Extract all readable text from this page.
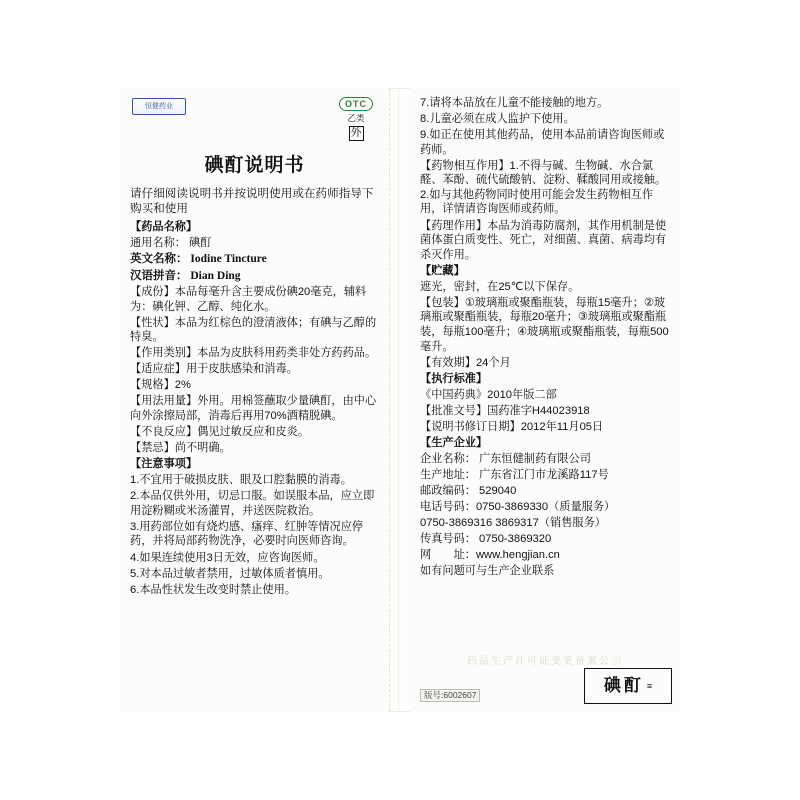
恒健药业	OTC
乙类
外
碘酊说明书
请仔细阅读说明书并按说明使用或在药师指导下购买和使用

【药品名称】

通用名称： 碘酊

英文名称： Iodine Tincture

汉语拼音： Dian Ding

【成份】本品每毫升含主要成份碘20毫克，辅料为：碘化钾、乙醇、纯化水。

【性状】本品为红棕色的澄清液体；有碘与乙醇的特臭。

【作用类别】本品为皮肤科用药类非处方药药品。

【适应症】用于皮肤感染和消毒。

【规格】2%

【用法用量】外用。用棉签蘸取少量碘酊，由中心向外涂擦局部，消毒后再用70%酒精脱碘。

【不良反应】偶见过敏反应和皮炎。

【禁忌】尚不明确。

【注意事项】

1.不宜用于破损皮肤、眼及口腔黏膜的消毒。

2.本品仅供外用，切忌口服。如误服本品，应立即用淀粉糊或米汤灌胃，并送医院救治。

3.用药部位如有烧灼感、瘙痒、红肿等情况应停药，并将局部药物洗净，必要时向医师咨询。

4.如果连续使用3日无效，应咨询医师。

5.对本品过敏者禁用，过敏体质者慎用。

6.本品性状发生改变时禁止使用。

7.请将本品放在儿童不能接触的地方。

8.儿童必须在成人监护下使用。

9.如正在使用其他药品，使用本品前请咨询医师或药师。

【药物相互作用】1.不得与碱、生物碱、水合氯醛、苯酚、硫代硫酸钠、淀粉、鞣酸同用或接触。2.如与其他药物同时使用可能会发生药物相互作用，详情请咨询医师或药师。

【药理作用】本品为消毒防腐剂，其作用机制是使菌体蛋白质变性、死亡，对细菌、真菌、病毒均有杀灭作用。

【贮藏】

遮光，密封，在25℃以下保存。

【包装】①玻璃瓶或聚酯瓶装，每瓶15毫升；②玻璃瓶或聚酯瓶装，每瓶20毫升；③玻璃瓶或聚酯瓶装，每瓶100毫升；④玻璃瓶或聚酯瓶装，每瓶500毫升。

【有效期】24个月

【执行标准】

《中国药典》2010年版二部

【批准文号】国药准字H44023918

【说明书修订日期】2012年11月05日

【生产企业】

企业名称： 广东恒健制药有限公司

生产地址： 广东省江门市龙溪路117号

邮政编码： 529040

电话号码：0750-3869330（质量服务）

0750-3869316 3869317（销售服务）

传真号码： 0750-3869320

网　　址：www.hengjian.cn

如有问题可与生产企业联系

药品生产许可证变更备案公示
版号:6002607	碘酊 ≡
